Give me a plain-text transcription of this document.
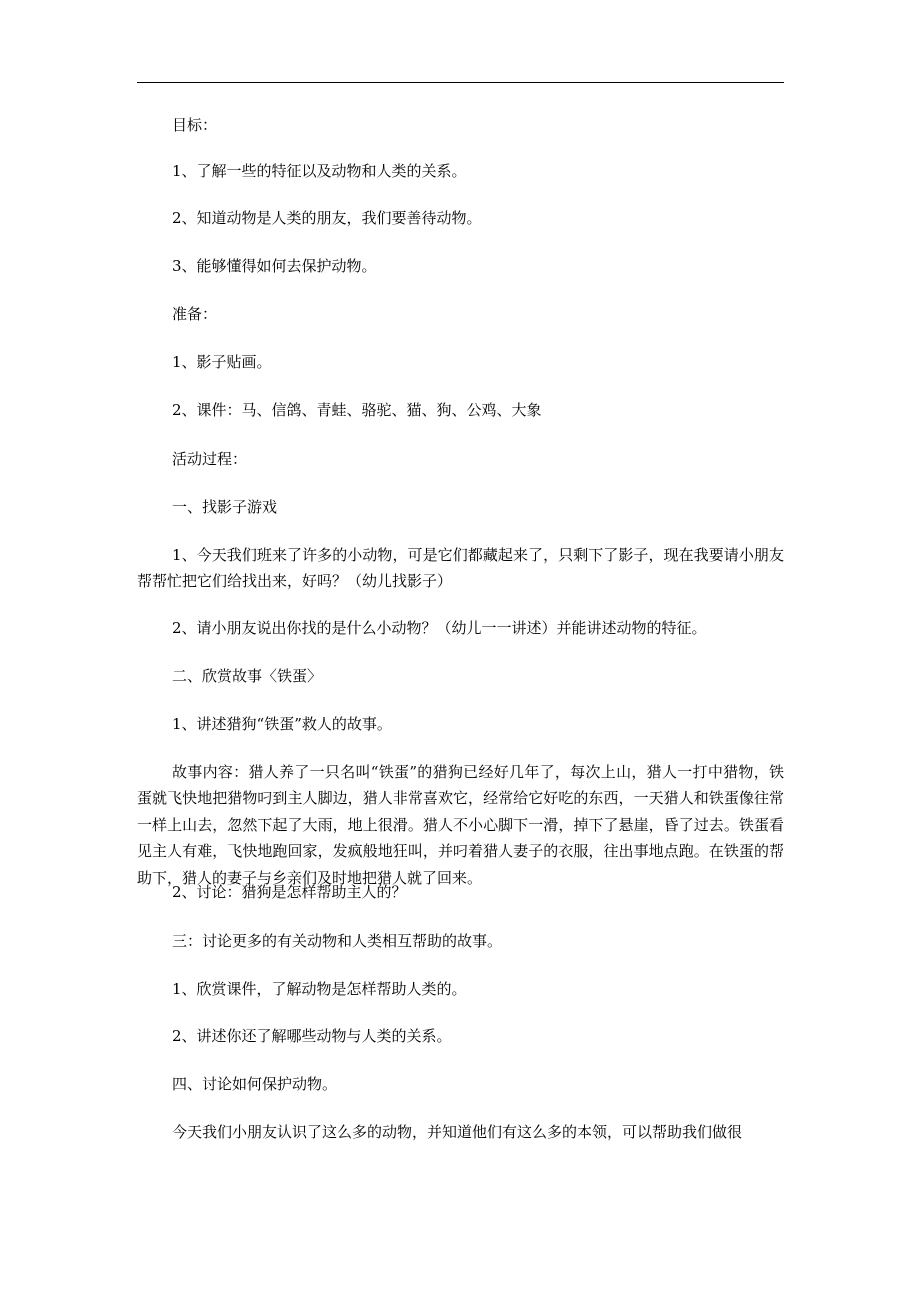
目标：
1、了解一些的特征以及动物和人类的关系。
2、知道动物是人类的朋友，我们要善待动物。
3、能够懂得如何去保护动物。
准备：
1、影子贴画。
2、课件：马、信鸽、青蛙、骆驼、猫、狗、公鸡、大象
活动过程：
一、找影子游戏
1、今天我们班来了许多的小动物，可是它们都藏起来了，只剩下了影子，现在我要请小朋友帮帮忙把它们给找出来，好吗？（幼儿找影子）
2、请小朋友说出你找的是什么小动物？（幼儿一一讲述）并能讲述动物的特征。
二、欣赏故事〈铁蛋〉
1、讲述猎狗“铁蛋”救人的故事。
故事内容：猎人养了一只名叫“铁蛋”的猎狗已经好几年了，每次上山，猎人一打中猎物，铁蛋就飞快地把猎物叼到主人脚边，猎人非常喜欢它，经常给它好吃的东西，一天猎人和铁蛋像往常一样上山去，忽然下起了大雨，地上很滑。猎人不小心脚下一滑，掉下了悬崖，昏了过去。铁蛋看见主人有难，飞快地跑回家，发疯般地狂叫，并叼着猎人妻子的衣服，往出事地点跑。在铁蛋的帮助下，猎人的妻子与乡亲们及时地把猎人就了回来。
2、讨论：猎狗是怎样帮助主人的？
三：讨论更多的有关动物和人类相互帮助的故事。
1、欣赏课件，了解动物是怎样帮助人类的。
2、讲述你还了解哪些动物与人类的关系。
四、讨论如何保护动物。
今天我们小朋友认识了这么多的动物，并知道他们有这么多的本领，可以帮助我们做很
